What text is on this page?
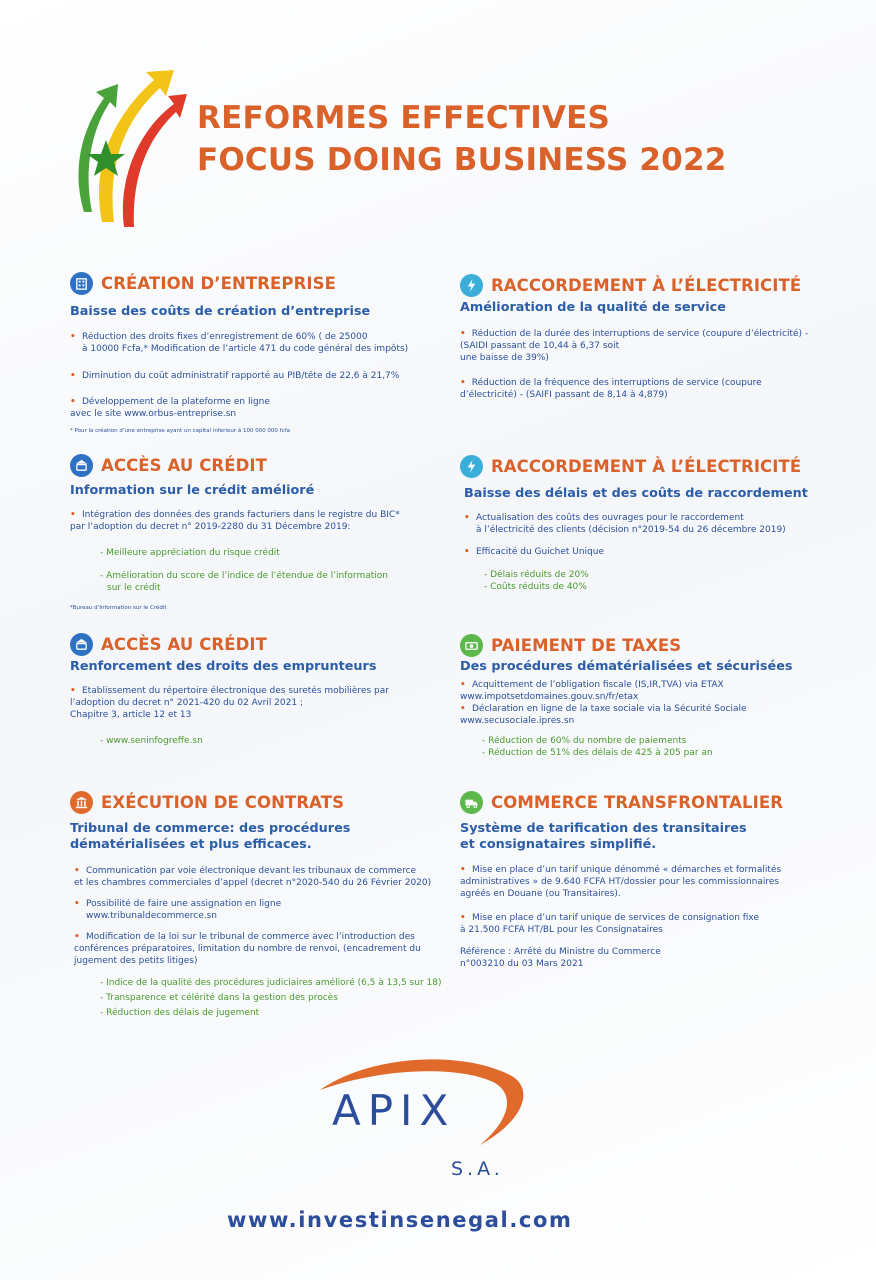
REFORMES EFFECTIVES
FOCUS DOING BUSINESS 2022
CRÉATION D’ENTREPRISE
Baisse des coûts de création d’entreprise
• Réduction des droits fixes d’enregistrement de 60% ( de 25000
à 10000 Fcfa,* Modification de l’article 471 du code général des impôts)
• Diminution du coût administratif rapporté au PIB/tête de 22,6 à 21,7%
• Développement de la plateforme en ligne
avec le site www.orbus-entreprise.sn
* Pour la création d’une entreprise ayant un capital inferieur à 100 000 000 fcfa
RACCORDEMENT À L’ÉLECTRICITÉ
Amélioration de la qualité de service
• Réduction de la durée des interruptions de service (coupure d’électricité) -
(SAIDI passant de 10,44 à 6,37 soit
une baisse de 39%)
• Réduction de la fréquence des interruptions de service (coupure
d’électricité) - (SAIFI passant de 8,14 à 4,879)
ACCÈS AU CRÉDIT
Information sur le crédit amélioré
• Intégration des données des grands facturiers dans le registre du BIC*
par l’adoption du decret n° 2019-2280 du 31 Décembre 2019:
- Meilleure appréciation du risque crédit
- Amélioration du score de l’indice de l’étendue de l’information
sur le crédit
*Bureau d’Information sur le Crédit
RACCORDEMENT À L’ÉLECTRICITÉ
Baisse des délais et des coûts de raccordement
• Actualisation des coûts des ouvrages pour le raccordement
à l’électricité des clients (décision n°2019-54 du 26 décembre 2019)
• Efficacité du Guichet Unique
- Délais réduits de 20%
- Coûts réduits de 40%
ACCÈS AU CRÉDIT
Renforcement des droits des emprunteurs
• Etablissement du répertoire électronique des suretés mobilières par
l’adoption du decret n° 2021-420 du 02 Avril 2021 ;
Chapitre 3, article 12 et 13
- www.seninfogreffe.sn
PAIEMENT DE TAXES
Des procédures dématérialisées et sécurisées
• Acquittement de l’obligation fiscale (IS,IR,TVA) via ETAX
www.impotsetdomaines.gouv.sn/fr/etax
• Déclaration en ligne de la taxe sociale via la Sécurité Sociale
www.secusociale.ipres.sn
- Réduction de 60% du nombre de paiements
- Réduction de 51% des délais de 425 à 205 par an
EXÉCUTION DE CONTRATS
Tribunal de commerce: des procédures
dématérialisées et plus efficaces.
• Communication par voie électronique devant les tribunaux de commerce
et les chambres commerciales d’appel (decret n°2020-540 du 26 Février 2020)
• Possibilité de faire une assignation en ligne
www.tribunaldecommerce.sn
• Modification de la loi sur le tribunal de commerce avec l’introduction des
conférences préparatoires, limitation du nombre de renvoi, (encadrement du
jugement des petits litiges)
- Indice de la qualité des procédures judiciaires amélioré (6,5 à 13,5 sur 18)
- Transparence et célérité dans la gestion des procès
- Réduction des délais de jugement
COMMERCE TRANSFRONTALIER
Système de tarification des transitaires
et consignataires simplifié.
• Mise en place d’un tarif unique dénommé « démarches et formalités
administratives » de 9.640 FCFA HT/dossier pour les commissionnaires
agréés en Douane (ou Transitaires).
• Mise en place d’un tarif unique de services de consignation fixe
à 21.500 FCFA HT/BL pour les Consignataires
Référence : Arrêté du Ministre du Commerce
n°003210 du 03 Mars 2021
APIX
S.A.
www.investinsenegal.com
